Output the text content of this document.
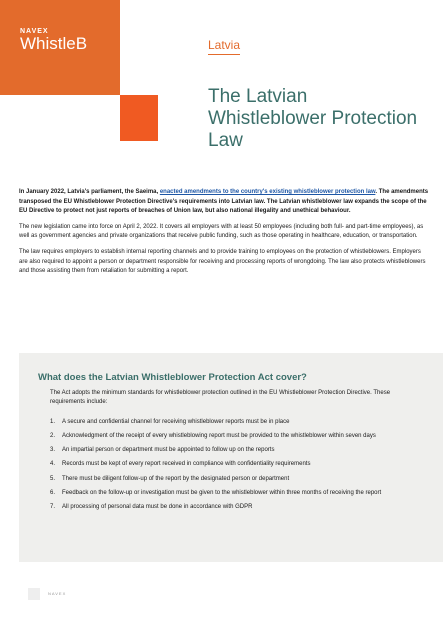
NAVEX
WhistleB	Latvia
The Latvian Whistleblower Protection Law

In January 2022, Latvia's parliament, the Saeima, enacted amendments to the country's existing whistleblower protection law. The amendments transposed the EU Whistleblower Protection Directive's requirements into Latvian law. The Latvian whistleblower law expands the scope of the EU Directive to protect not just reports of breaches of Union law, but also national illegality and unethical behaviour.

The new legislation came into force on April 2, 2022. It covers all employers with at least 50 employees (including both full- and part-time employees), as well as government agencies and private organizations that receive public funding, such as those operating in healthcare, education, or transportation.

The law requires employers to establish internal reporting channels and to provide training to employees on the protection of whistleblowers. Employers are also required to appoint a person or department responsible for receiving and processing reports of wrongdoing. The law also protects whistleblowers and those assisting them from retaliation for submitting a report.

What does the Latvian Whistleblower Protection Act cover?

The Act adopts the minimum standards for whistleblower protection outlined in the EU Whistleblower Protection Directive. These requirements include:

1.	A secure and confidential channel for receiving whistleblower reports must be in place
2.	Acknowledgment of the receipt of every whistleblowing report must be provided to the whistleblower within seven days
3.	An impartial person or department must be appointed to follow up on the reports
4.	Records must be kept of every report received in compliance with confidentiality requirements
5.	There must be diligent follow-up of the report by the designated person or department
6.	Feedback on the follow-up or investigation must be given to the whistleblower within three months of receiving the report
7.	All processing of personal data must be done in accordance with GDPR
NAVEX
